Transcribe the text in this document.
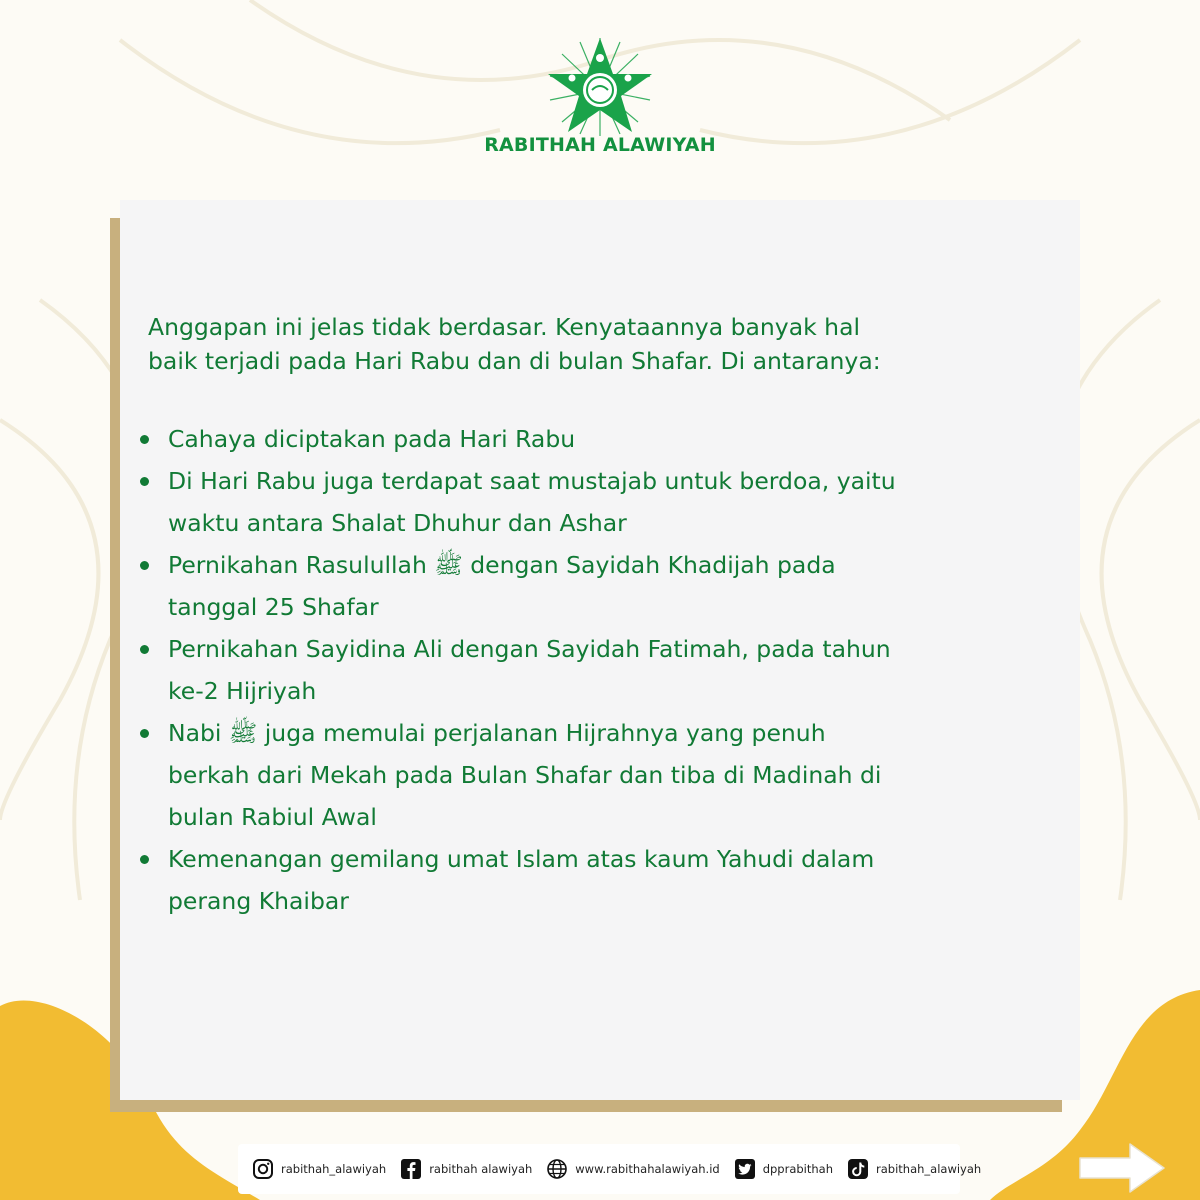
RABITHAH ALAWIYAH

Anggapan ini jelas tidak berdasar. Kenyataannya banyak hal
baik terjadi pada Hari Rabu dan di bulan Shafar. Di antaranya:

Cahaya diciptakan pada Hari Rabu
Di Hari Rabu juga terdapat saat mustajab untuk berdoa, yaitu
waktu antara Shalat Dhuhur dan Ashar
Pernikahan Rasulullah ﷺ dengan Sayidah Khadijah pada
tanggal 25 Shafar
Pernikahan Sayidina Ali dengan Sayidah Fatimah, pada tahun
ke-2 Hijriyah
Nabi ﷺ juga memulai perjalanan Hijrahnya yang penuh
berkah dari Mekah pada Bulan Shafar dan tiba di Madinah di
bulan Rabiul Awal
Kemenangan gemilang umat Islam atas kaum Yahudi dalam
perang Khaibar
rabithah_alawiyah	rabithah alawiyah	www.rabithahalawiyah.id	dpprabithah	rabithah_alawiyah
